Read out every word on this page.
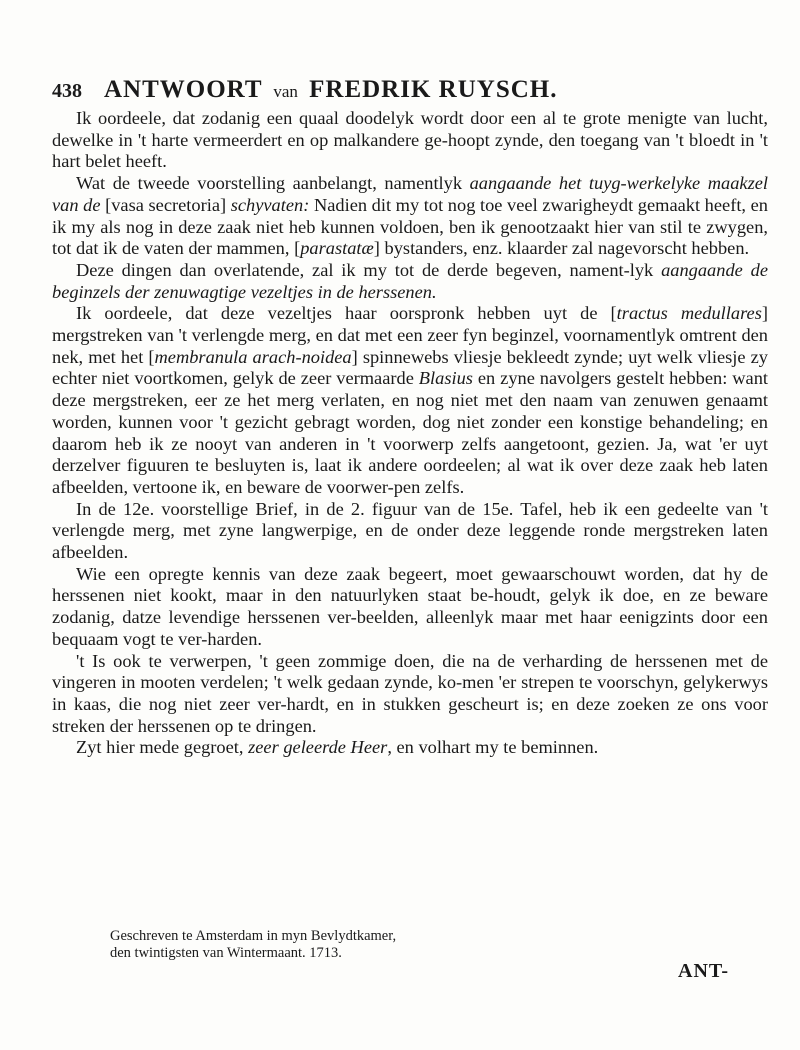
438 ANTWOORT van FREDRIK RUYSCH.

Ik oordeele, dat zodanig een quaal doodelyk wordt door een al te grote menigte van lucht, dewelke in 't harte vermeerdert en op malkandere ge-hoopt zynde, den toegang van 't bloedt in 't hart belet heeft.

Wat de tweede voorstelling aanbelangt, namentlyk aangaande het tuyg-werkelyke maakzel van de [vasa secretoria] schyvaten: Nadien dit my tot nog toe veel zwarigheydt gemaakt heeft, en ik my als nog in deze zaak niet heb kunnen voldoen, ben ik genootzaakt hier van stil te zwygen, tot dat ik de vaten der mammen, [parastatæ] bystanders, enz. klaarder zal nagevorscht hebben.

Deze dingen dan overlatende, zal ik my tot de derde begeven, nament-lyk aangaande de beginzels der zenuwagtige vezeltjes in de herssenen.

Ik oordeele, dat deze vezeltjes haar oorspronk hebben uyt de [tractus medullares] mergstreken van 't verlengde merg, en dat met een zeer fyn beginzel, voornamentlyk omtrent den nek, met het [membranula arach-noidea] spinnewebs vliesje bekleedt zynde; uyt welk vliesje zy echter niet voortkomen, gelyk de zeer vermaarde Blasius en zyne navolgers gestelt hebben: want deze mergstreken, eer ze het merg verlaten, en nog niet met den naam van zenuwen genaamt worden, kunnen voor 't gezicht gebragt worden, dog niet zonder een konstige behandeling; en daarom heb ik ze nooyt van anderen in 't voorwerp zelfs aangetoont, gezien. Ja, wat 'er uyt derzelver figuuren te besluyten is, laat ik andere oordeelen; al wat ik over deze zaak heb laten afbeelden, vertoone ik, en beware de voorwer-pen zelfs.

In de 12e. voorstellige Brief, in de 2. figuur van de 15e. Tafel, heb ik een gedeelte van 't verlengde merg, met zyne langwerpige, en de onder deze leggende ronde mergstreken laten afbeelden.

Wie een opregte kennis van deze zaak begeert, moet gewaarschouwt worden, dat hy de herssenen niet kookt, maar in den natuurlyken staat be-houdt, gelyk ik doe, en ze beware zodanig, datze levendige herssenen ver-beelden, alleenlyk maar met haar eenigzints door een bequaam vogt te ver-harden.

't Is ook te verwerpen, 't geen zommige doen, die na de verharding de herssenen met de vingeren in mooten verdelen; 't welk gedaan zynde, ko-men 'er strepen te voorschyn, gelykerwys in kaas, die nog niet zeer ver-hardt, en in stukken gescheurt is; en deze zoeken ze ons voor streken der herssenen op te dringen.

Zyt hier mede gegroet, zeer geleerde Heer, en volhart my te beminnen.

Geschreven te Amsterdam in myn Bevlydtkamer,
den twintigsten van Wintermaant. 1713.
ANT-
